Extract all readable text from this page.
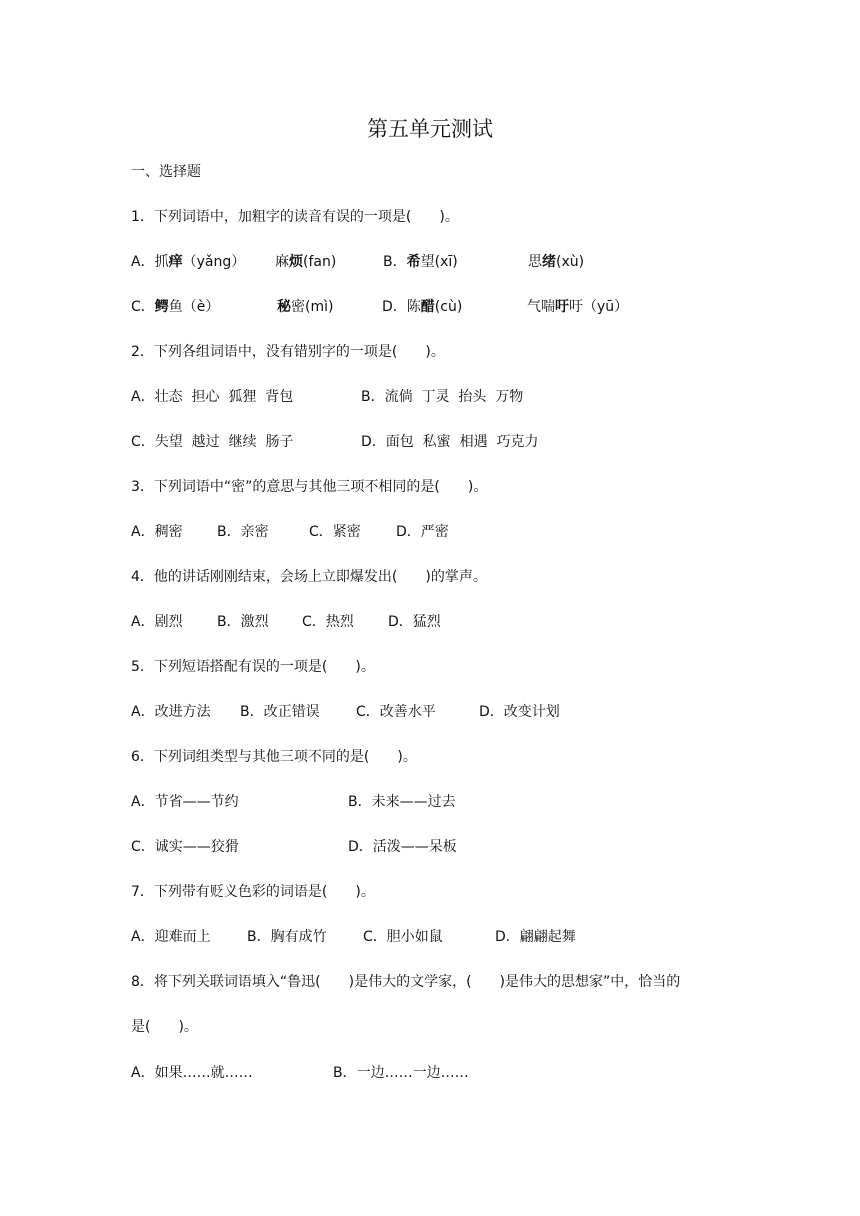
第五单元测试
一、选择题
1．下列词语中，加粗字的读音有误的一项是(　　)。
A．抓痒（yǎng） 麻烦(fan)	B．希望(xī)	思绪(xù)
C．鳄鱼（è）	秘密(mì)	D．陈醋(cù)	气喘吁吁（yū）
2．下列各组词语中，没有错别字的一项是(　　)。
A．壮态  担心  狐狸  背包	B．流倘  丁灵  抬头  万物
C．失望  越过  继续  肠子	D．面包  私蜜  相遇  巧克力
3．下列词语中“密”的意思与其他三项不相同的是(　　)。
A．稠密 B．亲密	C．紧密	D．严密
4．他的讲话刚刚结束，会场上立即爆发出(　　)的掌声。
A．剧烈 B．激烈 C．热烈 D．猛烈
5．下列短语搭配有误的一项是(　　)。
A．改进方法 B．改正错误	C．改善水平	D．改变计划
6．下列词组类型与其他三项不同的是(　　)。
A．节省——节约	B．未来——过去
C．诚实——狡猾	D．活泼——呆板
7．下列带有贬义色彩的词语是(　　)。
A．迎难而上	B．胸有成竹	C．胆小如鼠	D．翩翩起舞
8．将下列关联词语填入“鲁迅(　　)是伟大的文学家，(　　)是伟大的思想家”中，恰当的
是(　　)。
A．如果……就……	B．一边……一边……
